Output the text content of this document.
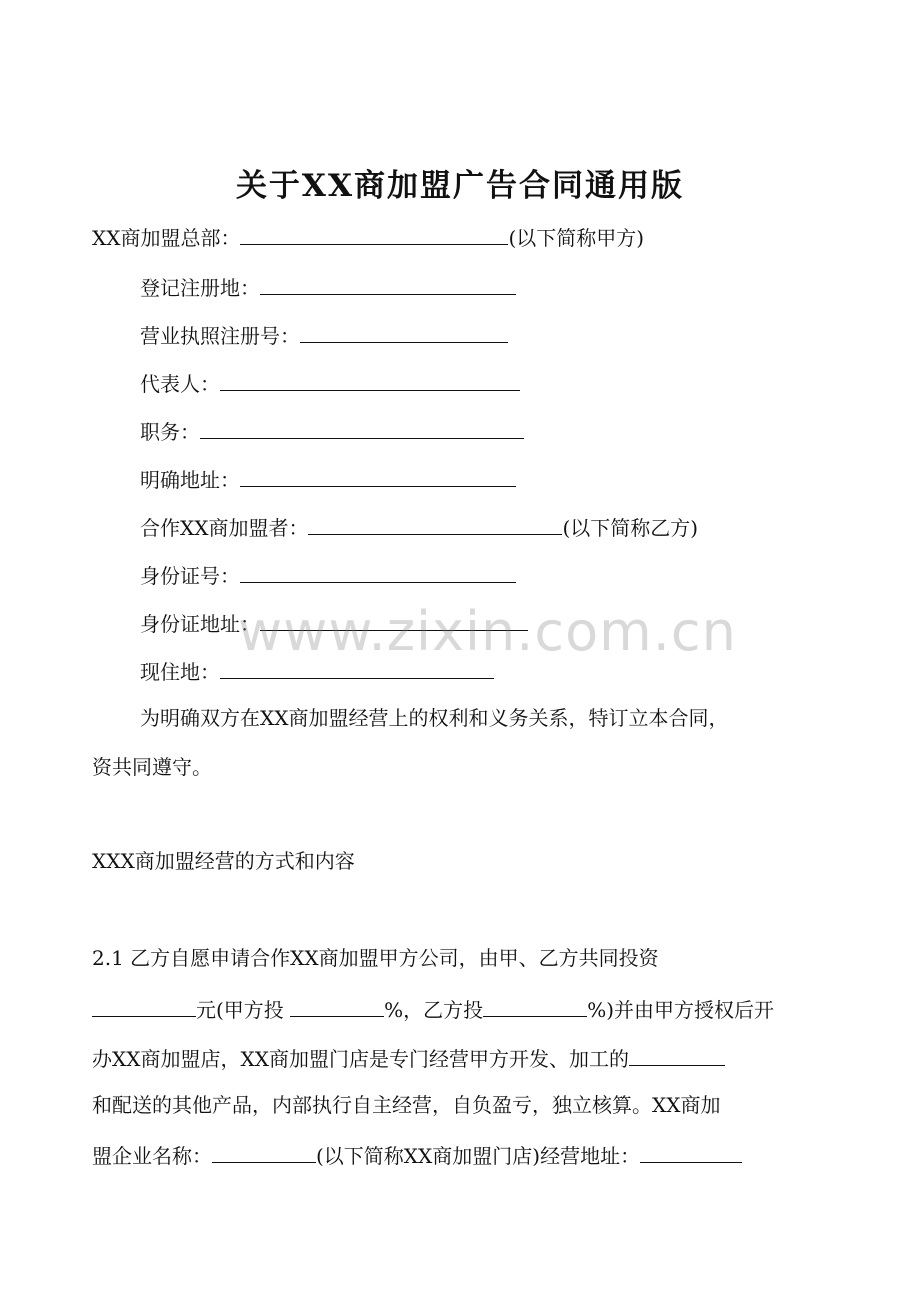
关于XX商加盟广告合同通用版
XX商加盟总部：	(以下简称甲方)
登记注册地：
营业执照注册号：
代表人：
职务：
明确地址：
合作XX商加盟者：	(以下简称乙方)
身份证号：
身份证地址：
现住地：
为明确双方在XX商加盟经营上的权利和义务关系，特订立本合同，
资共同遵守。
XXX商加盟经营的方式和内容
2.1 乙方自愿申请合作XX商加盟甲方公司，由甲、乙方共同投资
元(甲方投	%，乙方投	%)并由甲方授权后开
办XX商加盟店，XX商加盟门店是专门经营甲方开发、加工的
和配送的其他产品，内部执行自主经营，自负盈亏，独立核算。XX商加
盟企业名称：	(以下简称XX商加盟门店)经营地址：
www.zixin.com.cn
